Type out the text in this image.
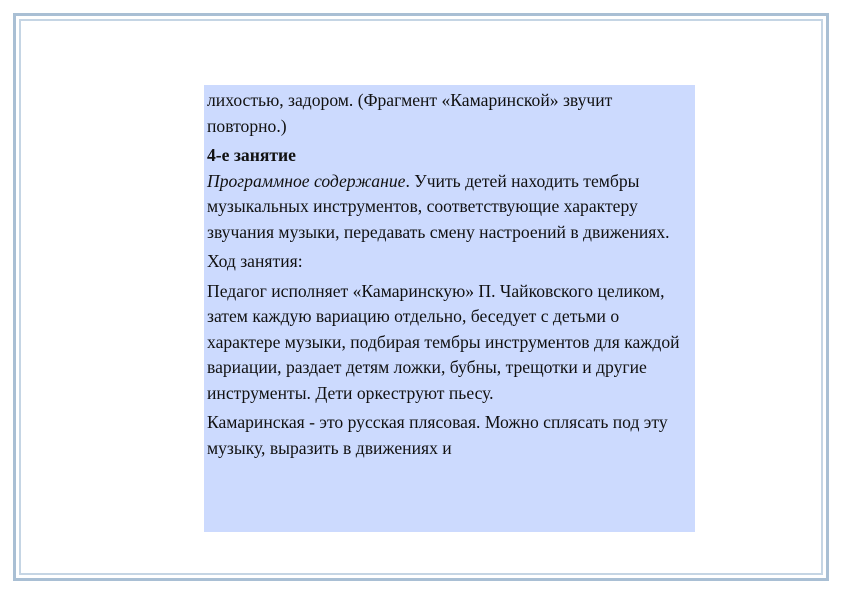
лихостью, задором. (Фрагмент «Камаринской» звучит повторно.)

4-е занятие

Программное содержание. Учить детей находить тембры музыкальных инструментов, соответствующие характеру звучания музыки, передавать смену настроений в движениях.

Ход занятия:

Педагог исполняет «Камаринскую» П. Чайковского целиком, затем каждую вариацию отдельно, беседует с детьми о характере музыки, подбирая тембры инструментов для каждой вариации, раздает детям ложки, бубны, трещотки и другие инструменты. Дети оркеструют пьесу.

Камаринская - это русская плясовая. Можно сплясать под эту музыку, выразить в движениях и
